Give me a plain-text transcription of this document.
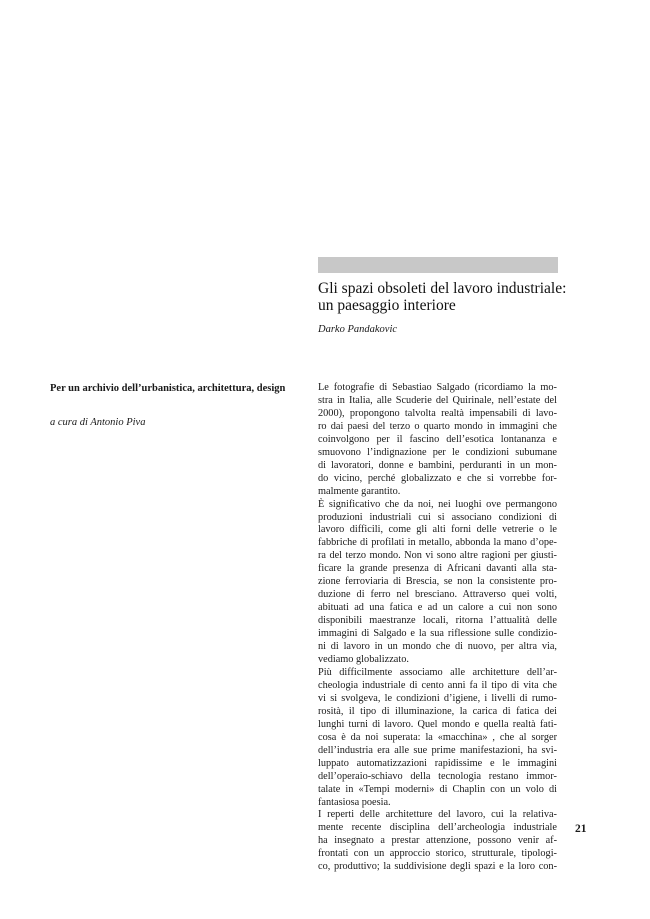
Gli spazi obsoleti del lavoro industriale: un paesaggio interiore

Darko Pandakovic

Per un archivio dell’urbanistica, architettura, design

a cura di Antonio Piva

Le fotografie di Sebastiao Salgado (ricordiamo la mo-
stra in Italia, alle Scuderie del Quirinale, nell’estate del
2000), propongono talvolta realtà impensabili di lavo-
ro dai paesi del terzo o quarto mondo in immagini che
coinvolgono per il fascino dell’esotica lontananza e
smuovono l’indignazione per le condizioni subumane
di lavoratori, donne e bambini, perduranti in un mon-
do vicino, perché globalizzato e che si vorrebbe for-
malmente garantito.

È significativo che da noi, nei luoghi ove permangono
produzioni industriali cui si associano condizioni di
lavoro difficili, come gli alti forni delle vetrerie o le
fabbriche di profilati in metallo, abbonda la mano d’ope-
ra del terzo mondo. Non vi sono altre ragioni per giusti-
ficare la grande presenza di Africani davanti alla sta-
zione ferroviaria di Brescia, se non la consistente pro-
duzione di ferro nel bresciano. Attraverso quei volti,
abituati ad una fatica e ad un calore a cui non sono
disponibili maestranze locali, ritorna l’attualità delle
immagini di Salgado e la sua riflessione sulle condizio-
ni di lavoro in un mondo che di nuovo, per altra via,
vediamo globalizzato.

Più difficilmente associamo alle architetture dell’ar-
cheologia industriale di cento anni fa il tipo di vita che
vi si svolgeva, le condizioni d’igiene, i livelli di rumo-
rosità, il tipo di illuminazione, la carica di fatica dei
lunghi turni di lavoro. Quel mondo e quella realtà fati-
cosa è da noi superata: la «macchina» , che al sorger
dell’industria era alle sue prime manifestazioni, ha svi-
luppato automatizzazioni rapidissime e le immagini
dell’operaio-schiavo della tecnologia restano immor-
talate in «Tempi moderni» di Chaplin con un volo di
fantasiosa poesia.

I reperti delle architetture del lavoro, cui la relativa-
mente recente disciplina dell’archeologia industriale
ha insegnato a prestar attenzione, possono venir af-
frontati con un approccio storico, strutturale, tipologi-
co, produttivo; la suddivisione degli spazi e la loro con-

21
